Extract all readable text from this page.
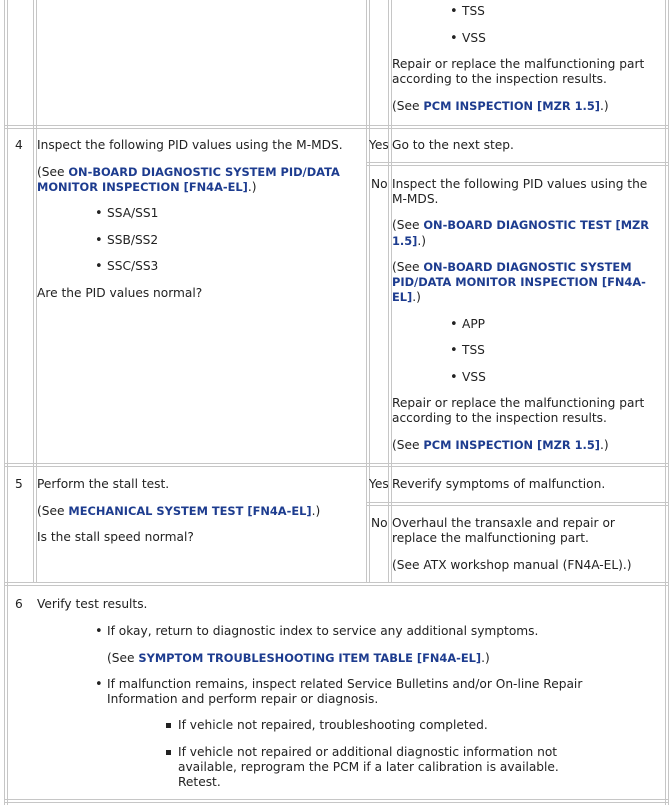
• TSS
• VSS
Repair or replace the malfunctioning part
according to the inspection results.
(See PCM INSPECTION [MZR 1.5].)
4 Inspect the following PID values using the M-MDS.
(See ON-BOARD DIAGNOSTIC SYSTEM PID/DATA
MONITOR INSPECTION [FN4A-EL].)
• SSA/SS1
• SSB/SS2
• SSC/SS3
Are the PID values normal?
Yes Go to the next step.
No Inspect the following PID values using the
M-MDS.
(See ON-BOARD DIAGNOSTIC TEST [MZR
1.5].)
(See ON-BOARD DIAGNOSTIC SYSTEM
PID/DATA MONITOR INSPECTION [FN4A-
EL].)
• APP
• TSS
• VSS
Repair or replace the malfunctioning part
according to the inspection results.
(See PCM INSPECTION [MZR 1.5].)
5 Perform the stall test.
(See MECHANICAL SYSTEM TEST [FN4A-EL].)
Is the stall speed normal?
Yes Reverify symptoms of malfunction.
No Overhaul the transaxle and repair or
replace the malfunctioning part.
(See ATX workshop manual (FN4A-EL).)
6 Verify test results.
• If okay, return to diagnostic index to service any additional symptoms.
(See SYMPTOM TROUBLESHOOTING ITEM TABLE [FN4A-EL].)
• If malfunction remains, inspect related Service Bulletins and/or On-line Repair
Information and perform repair or diagnosis.
If vehicle not repaired, troubleshooting completed.
If vehicle not repaired or additional diagnostic information not
available, reprogram the PCM if a later calibration is available.
Retest.
